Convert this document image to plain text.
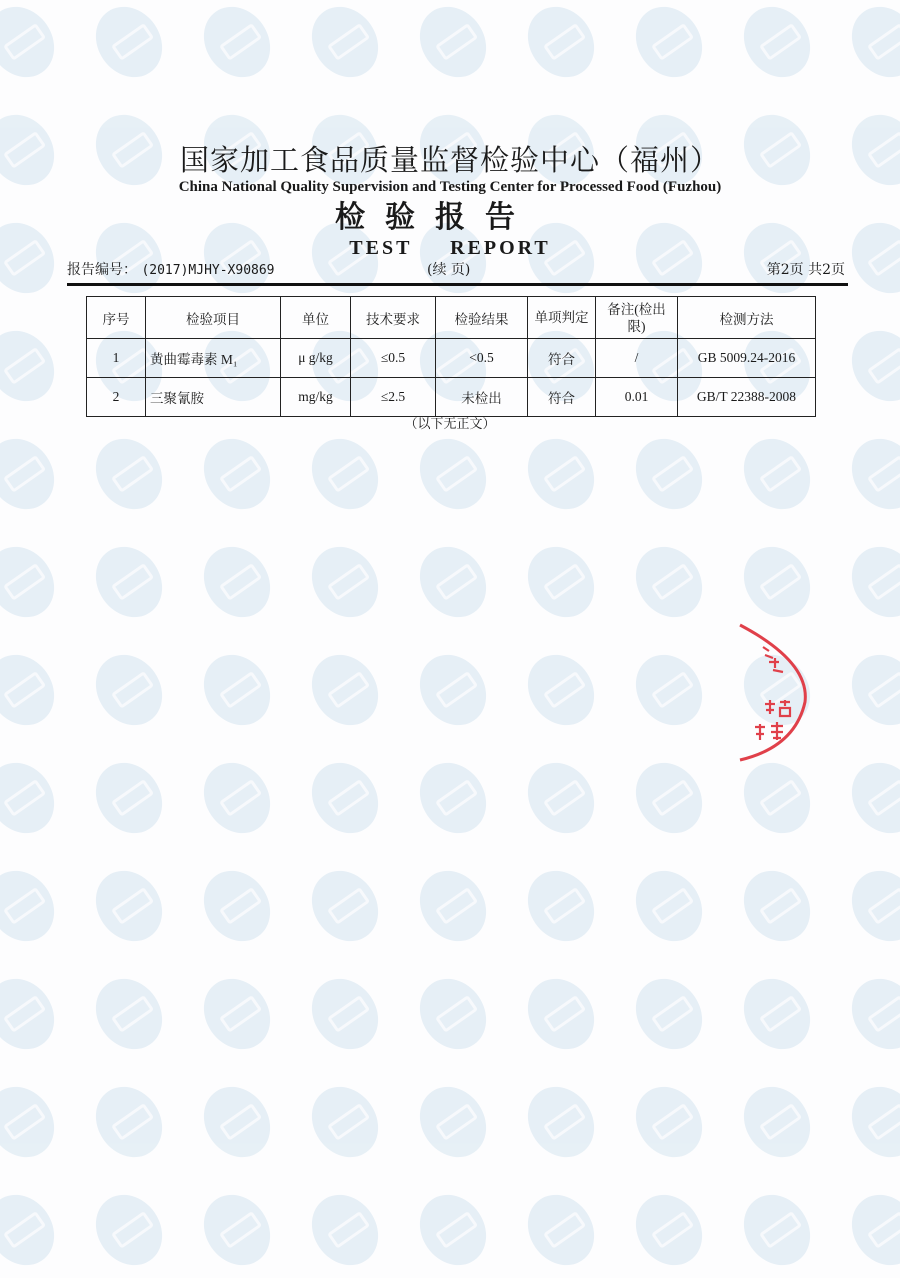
国家加工食品质量监督检验中心（福州）
China National Quality Supervision and Testing Center for Processed Food (Fuzhou)
检验报告
TEST REPORT
报告编号： (2017)MJHY-X90869	(续 页)	第2页 共2页
序号	检验项目	单位	技术要求	检验结果	单项判定	备注(检出限)	检测方法
1	黄曲霉毒素 M₁	μ g/kg	≤0.5	<0.5	符合	/	GB 5009.24-2016
2	三聚氰胺	mg/kg	≤2.5	未检出	符合	0.01	GB/T 22388-2008
（以下无正文）
